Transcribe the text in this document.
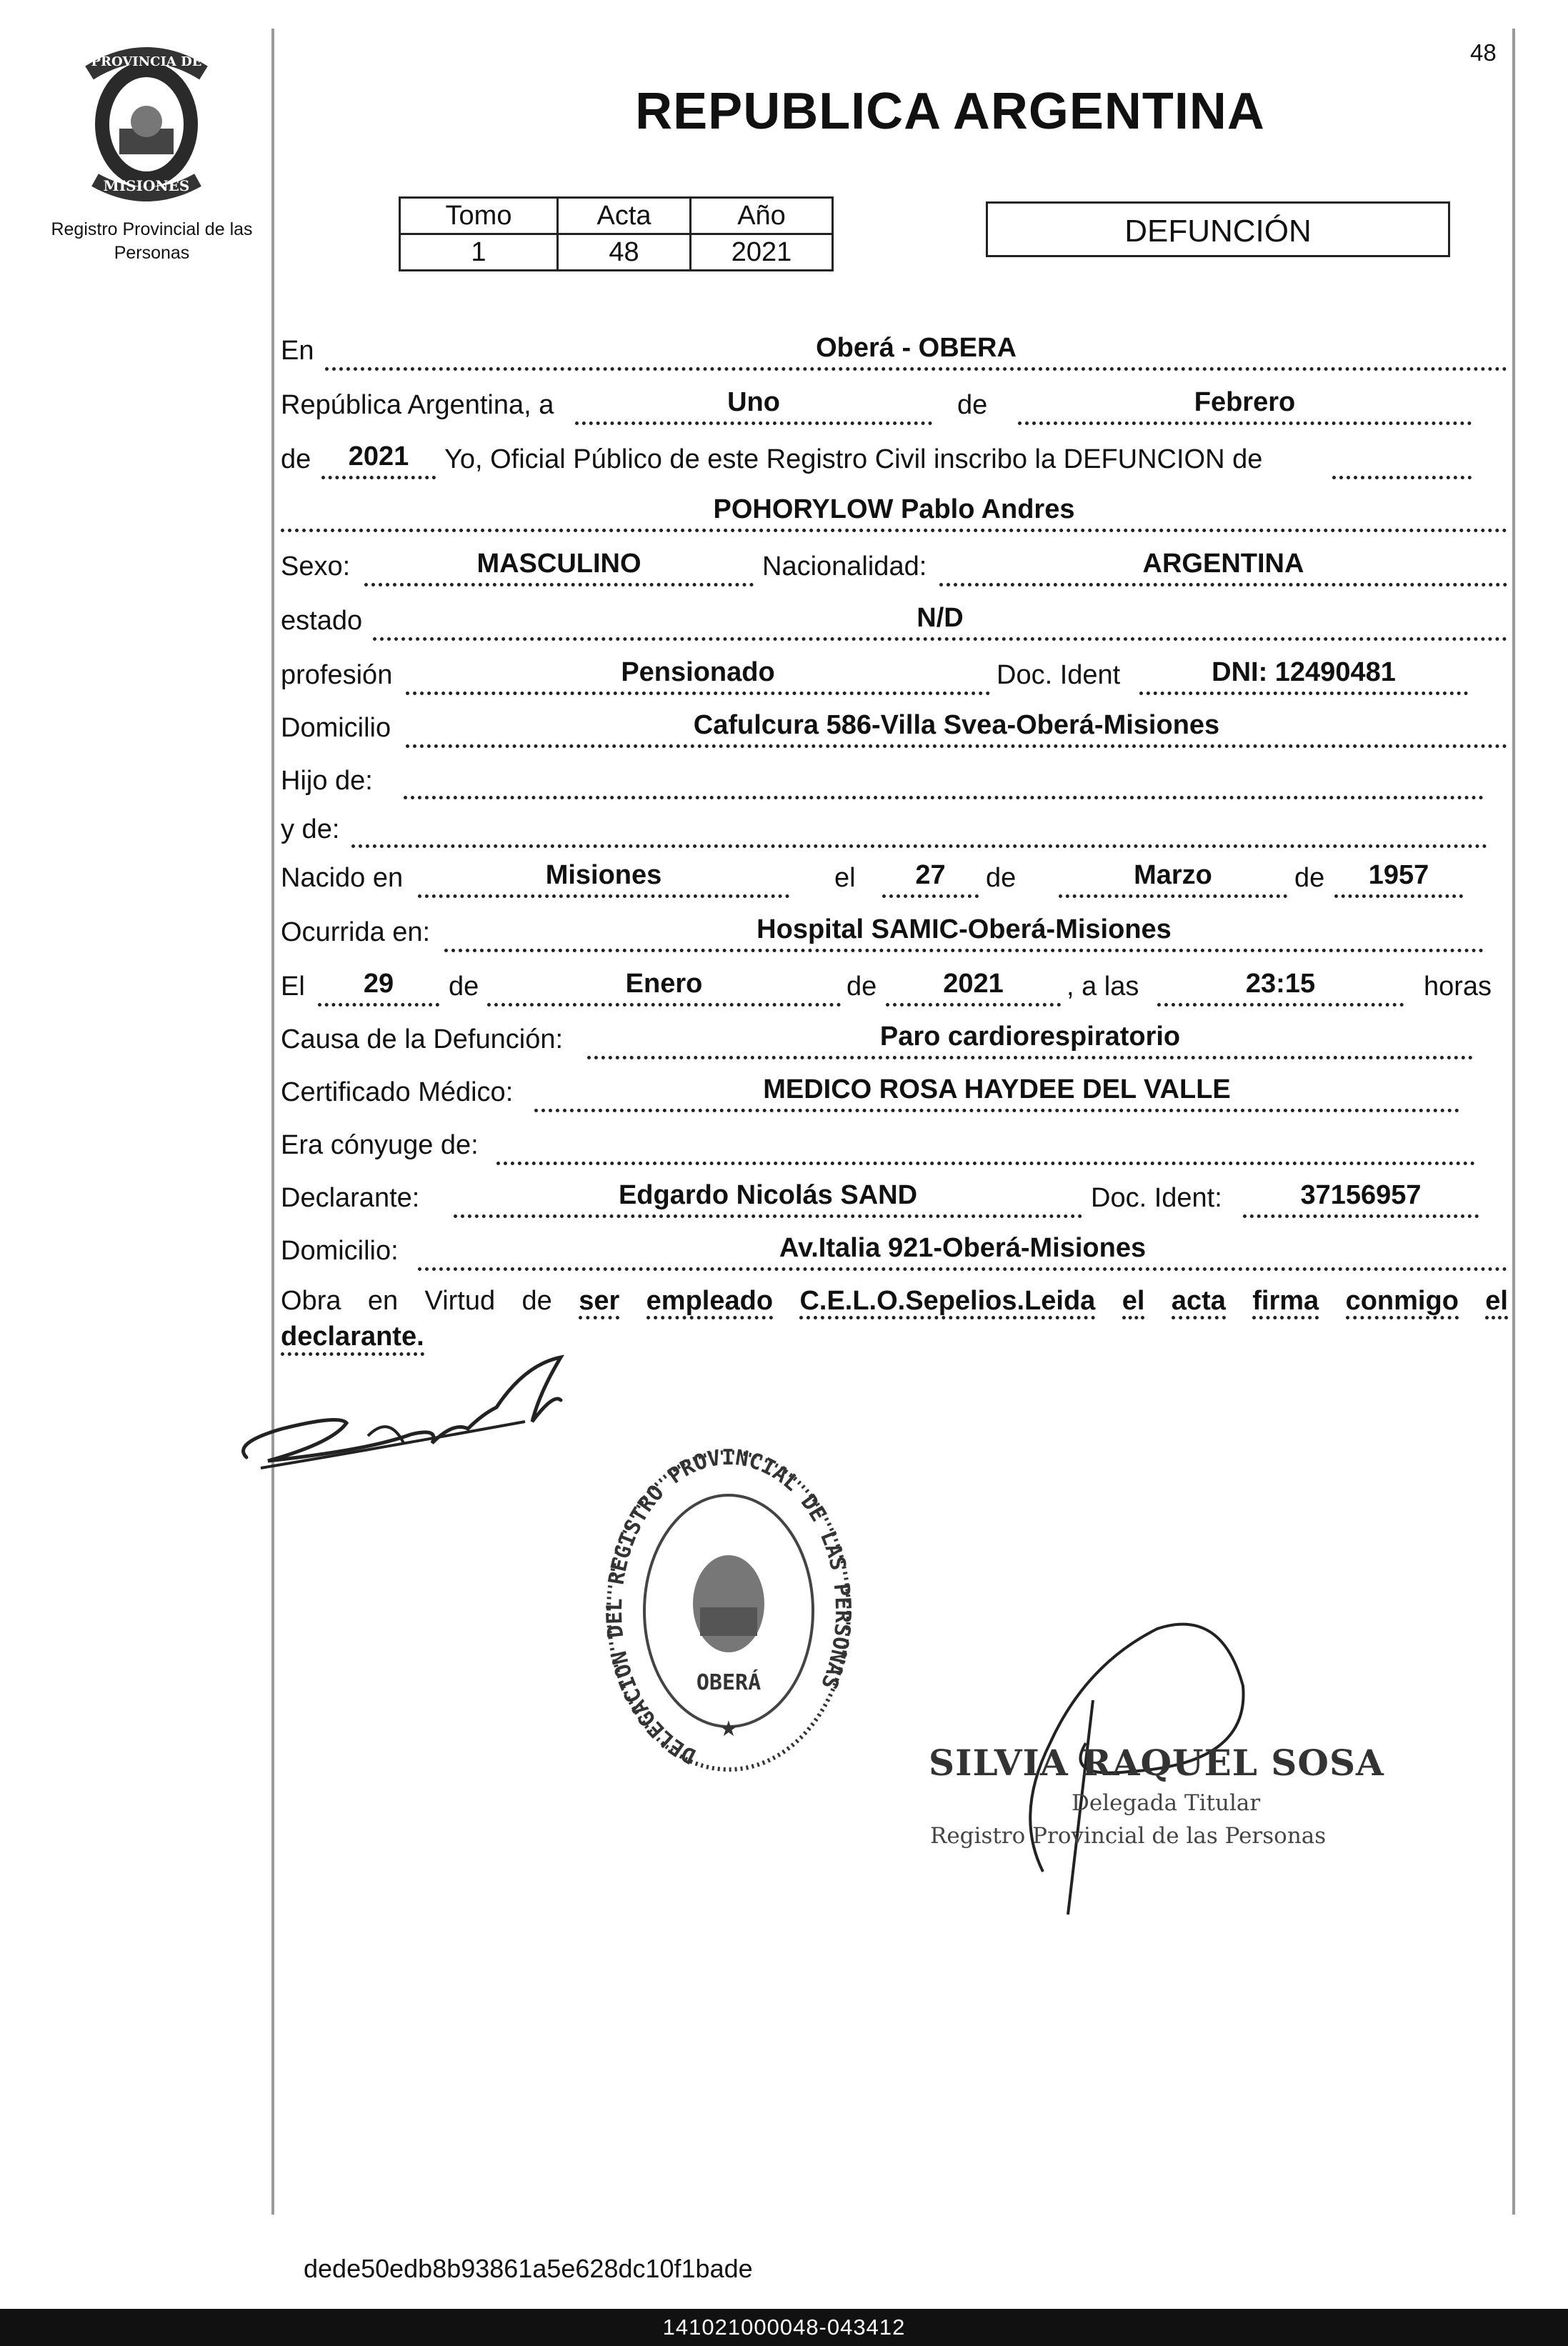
PROVINCIA DE
MISIONES
Registro Provincial de las Personas
48
REPUBLICA ARGENTINA
Tomo	Acta	Año
1	48	2021
DEFUNCIÓN
En	Oberá - OBERA
República Argentina, a	Uno	de	Febrero
de	2021	Yo, Oficial Público de este Registro Civil inscribo la DEFUNCION de
POHORYLOW Pablo Andres
Sexo:	MASCULINO	Nacionalidad:	ARGENTINA
estado	N/D
profesión	Pensionado	Doc. Ident	DNI: 12490481
Domicilio	Cafulcura 586-Villa Svea-Oberá-Misiones
Hijo de:
y de:
Nacido en	Misiones	el	27	de	Marzo	de	1957
Ocurrida en:	Hospital SAMIC-Oberá-Misiones
El	29	de	Enero	de	2021	, a las	23:15	horas
Causa de la Defunción:	Paro cardiorespiratorio
Certificado Médico:	MEDICO ROSA HAYDEE DEL VALLE
Era cónyuge de:
Declarante:	Edgardo Nicolás SAND	Doc. Ident:	37156957
Domicilio:	Av.Italia 921-Oberá-Misiones
Obra en Virtud de ser empleado C.E.L.O.Sepelios.Leida el acta firma conmigo el
declarante.
DELEGACION DEL REGISTRO PROVINCIAL DE LAS PERSONAS
OBERÁ
★
SILVIA RAQUEL SOSA
Delegada Titular
Registro Provincial de las Personas
dede50edb8b93861a5e628dc10f1bade
141021000048-043412
